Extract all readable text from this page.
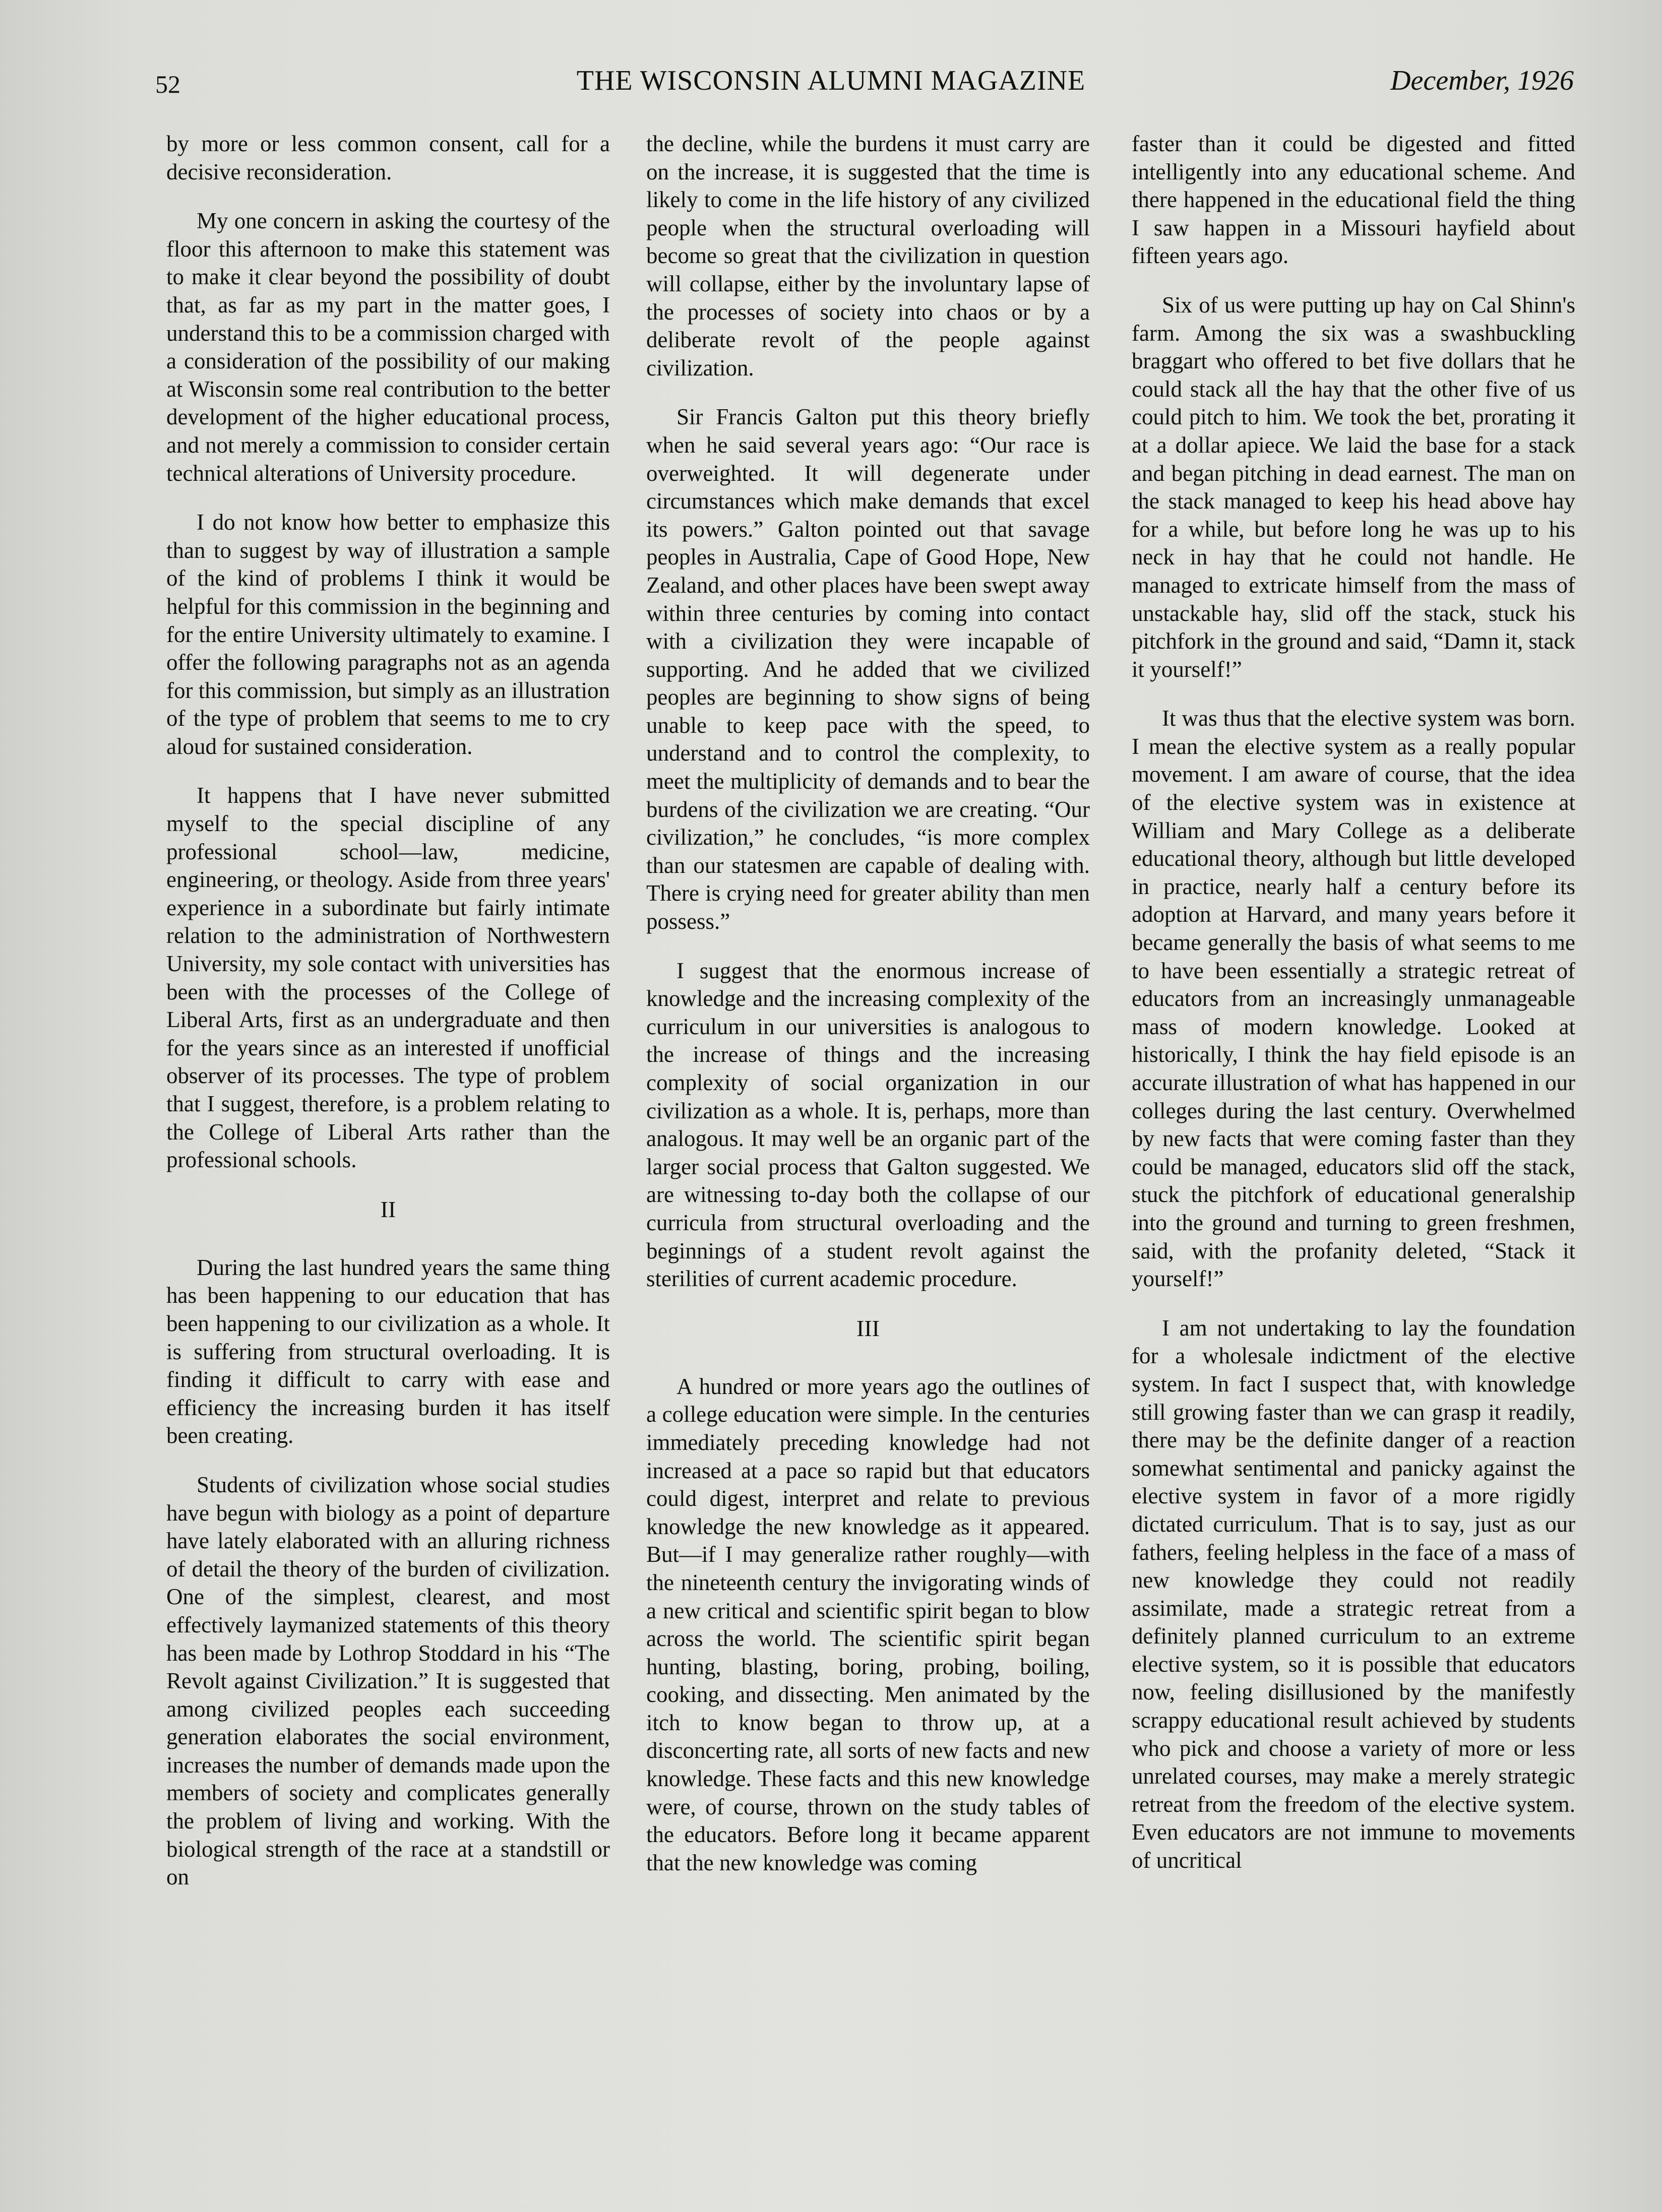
52	THE WISCONSIN ALUMNI MAGAZINE	December, 1926

by more or less common consent, call for a decisive reconsideration.

My one concern in asking the courtesy of the floor this afternoon to make this statement was to make it clear beyond the possibility of doubt that, as far as my part in the matter goes, I understand this to be a commission charged with a consideration of the possibility of our making at Wisconsin some real contribution to the better development of the higher educational process, and not merely a commission to consider certain technical alterations of University procedure.

I do not know how better to emphasize this than to suggest by way of illustration a sample of the kind of problems I think it would be helpful for this commission in the beginning and for the entire University ultimately to examine. I offer the following paragraphs not as an agenda for this commission, but simply as an illustration of the type of problem that seems to me to cry aloud for sustained consideration.

It happens that I have never submitted myself to the special discipline of any professional school—law, medicine, engineering, or theology. Aside from three years' experience in a subordinate but fairly intimate relation to the administration of Northwestern University, my sole contact with universities has been with the processes of the College of Liberal Arts, first as an undergraduate and then for the years since as an interested if unofficial observer of its processes. The type of problem that I suggest, therefore, is a problem relating to the College of Liberal Arts rather than the professional schools.

II

During the last hundred years the same thing has been happening to our education that has been happening to our civilization as a whole. It is suffering from structural overloading. It is finding it difficult to carry with ease and efficiency the increasing burden it has itself been creating.

Students of civilization whose social studies have begun with biology as a point of departure have lately elaborated with an alluring richness of detail the theory of the burden of civilization. One of the simplest, clearest, and most effectively laymanized statements of this theory has been made by Lothrop Stoddard in his “The Revolt against Civilization.” It is suggested that among civilized peoples each succeeding generation elaborates the social environment, increases the number of demands made upon the members of society and complicates generally the problem of living and working. With the biological strength of the race at a standstill or on

the decline, while the burdens it must carry are on the increase, it is suggested that the time is likely to come in the life history of any civilized people when the structural overloading will become so great that the civilization in question will collapse, either by the involuntary lapse of the processes of society into chaos or by a deliberate revolt of the people against civilization.

Sir Francis Galton put this theory briefly when he said several years ago: “Our race is overweighted. It will degenerate under circumstances which make demands that excel its powers.” Galton pointed out that savage peoples in Australia, Cape of Good Hope, New Zealand, and other places have been swept away within three centuries by coming into contact with a civilization they were incapable of supporting. And he added that we civilized peoples are beginning to show signs of being unable to keep pace with the speed, to understand and to control the complexity, to meet the multiplicity of demands and to bear the burdens of the civilization we are creating. “Our civilization,” he concludes, “is more complex than our statesmen are capable of dealing with. There is crying need for greater ability than men possess.”

I suggest that the enormous increase of knowledge and the increasing complexity of the curriculum in our universities is analogous to the increase of things and the increasing complexity of social organization in our civilization as a whole. It is, perhaps, more than analogous. It may well be an organic part of the larger social process that Galton suggested. We are witnessing to-day both the collapse of our curricula from structural overloading and the beginnings of a student revolt against the sterilities of current academic procedure.

III

A hundred or more years ago the outlines of a college education were simple. In the centuries immediately preceding knowledge had not increased at a pace so rapid but that educators could digest, interpret and relate to previous knowledge the new knowledge as it appeared. But—if I may generalize rather roughly—with the nineteenth century the invigorating winds of a new critical and scientific spirit began to blow across the world. The scientific spirit began hunting, blasting, boring, probing, boiling, cooking, and dissecting. Men animated by the itch to know began to throw up, at a disconcerting rate, all sorts of new facts and new knowledge. These facts and this new knowledge were, of course, thrown on the study tables of the educators. Before long it became apparent that the new knowledge was coming

faster than it could be digested and fitted intelligently into any educational scheme. And there happened in the educational field the thing I saw happen in a Missouri hayfield about fifteen years ago.

Six of us were putting up hay on Cal Shinn's farm. Among the six was a swashbuckling braggart who offered to bet five dollars that he could stack all the hay that the other five of us could pitch to him. We took the bet, prorating it at a dollar apiece. We laid the base for a stack and began pitching in dead earnest. The man on the stack managed to keep his head above hay for a while, but before long he was up to his neck in hay that he could not handle. He managed to extricate himself from the mass of unstackable hay, slid off the stack, stuck his pitchfork in the ground and said, “Damn it, stack it yourself!”

It was thus that the elective system was born. I mean the elective system as a really popular movement. I am aware of course, that the idea of the elective system was in existence at William and Mary College as a deliberate educational theory, although but little developed in practice, nearly half a century before its adoption at Harvard, and many years before it became generally the basis of what seems to me to have been essentially a strategic retreat of educators from an increasingly unmanageable mass of modern knowledge. Looked at historically, I think the hay field episode is an accurate illustration of what has happened in our colleges during the last century. Overwhelmed by new facts that were coming faster than they could be managed, educators slid off the stack, stuck the pitchfork of educational generalship into the ground and turning to green freshmen, said, with the profanity deleted, “Stack it yourself!”

I am not undertaking to lay the foundation for a wholesale indictment of the elective system. In fact I suspect that, with knowledge still growing faster than we can grasp it readily, there may be the definite danger of a reaction somewhat sentimental and panicky against the elective system in favor of a more rigidly dictated curriculum. That is to say, just as our fathers, feeling helpless in the face of a mass of new knowledge they could not readily assimilate, made a strategic retreat from a definitely planned curriculum to an extreme elective system, so it is possible that educators now, feeling disillusioned by the manifestly scrappy educational result achieved by students who pick and choose a variety of more or less unrelated courses, may make a merely strategic retreat from the freedom of the elective system. Even educators are not immune to movements of uncritical
